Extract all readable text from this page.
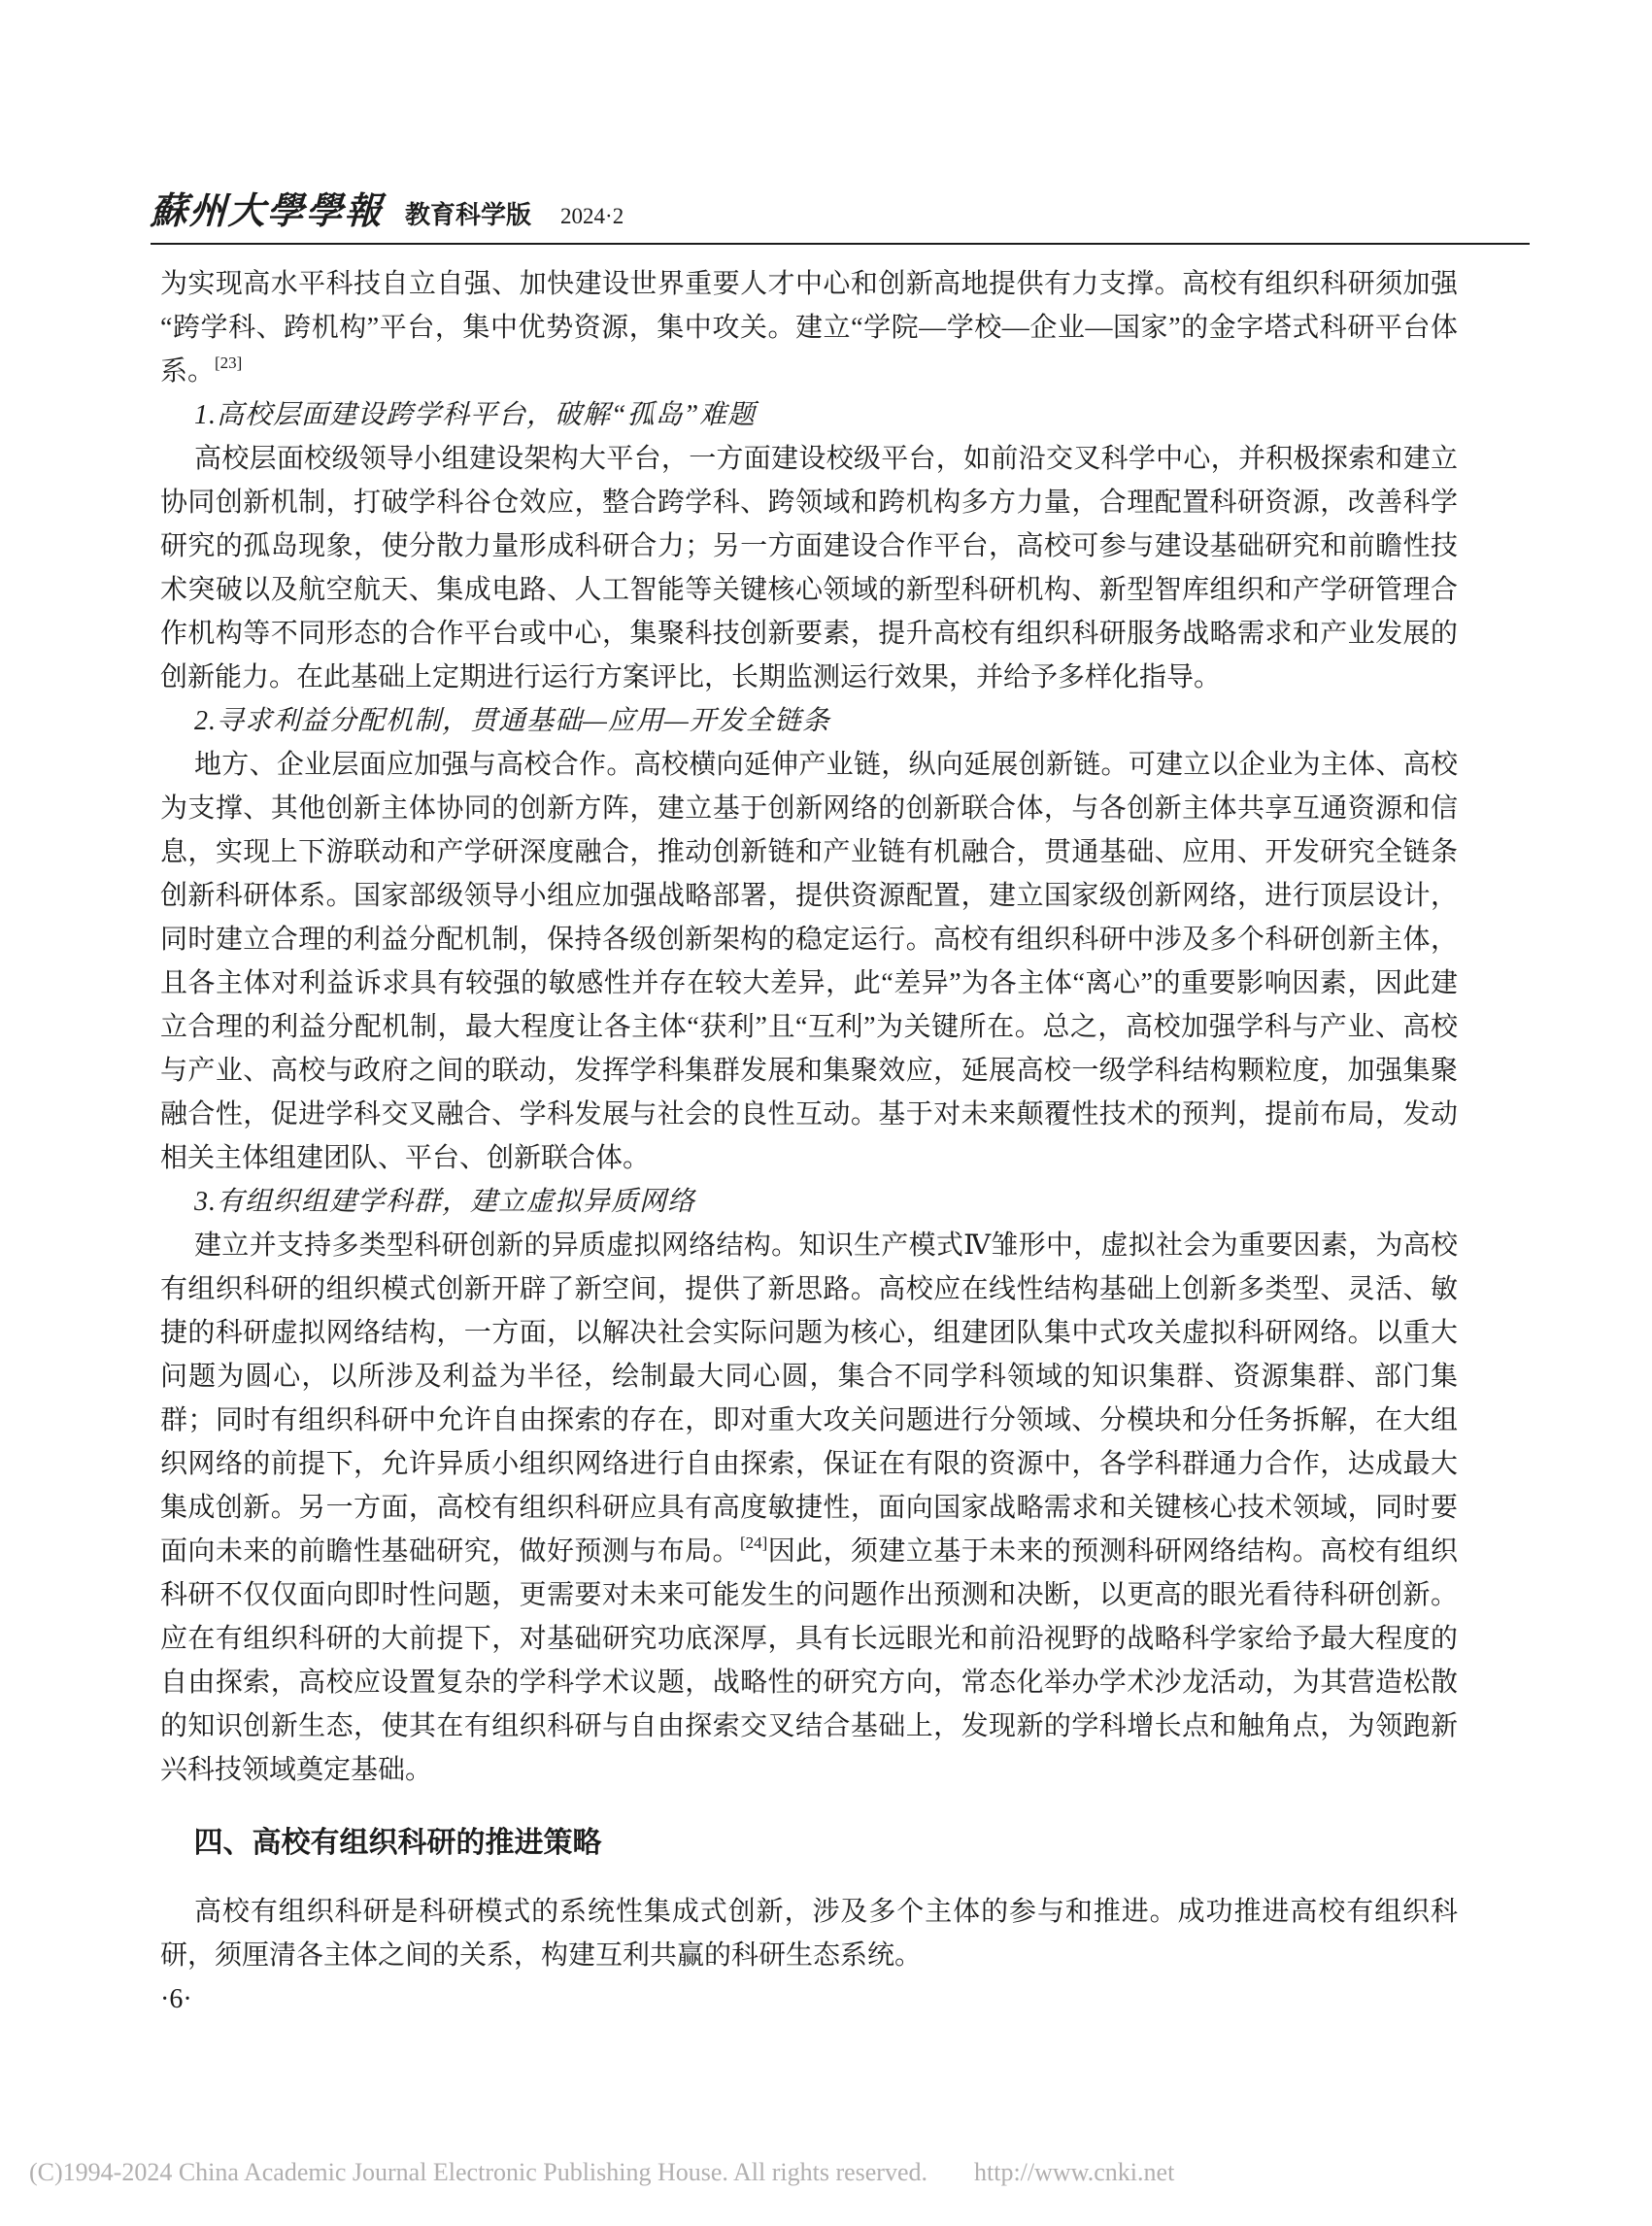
蘇州大學學報 教育科学版 2024·2

为实现高水平科技自立自强、加快建设世界重要人才中心和创新高地提供有力支撑。高校有组织科研须加强“跨学科、跨机构”平台，集中优势资源，集中攻关。建立“学院—学校—企业—国家”的金字塔式科研平台体系。[23]

1.高校层面建设跨学科平台，破解“孤岛”难题

高校层面校级领导小组建设架构大平台，一方面建设校级平台，如前沿交叉科学中心，并积极探索和建立协同创新机制，打破学科谷仓效应，整合跨学科、跨领域和跨机构多方力量，合理配置科研资源，改善科学研究的孤岛现象，使分散力量形成科研合力；另一方面建设合作平台，高校可参与建设基础研究和前瞻性技术突破以及航空航天、集成电路、人工智能等关键核心领域的新型科研机构、新型智库组织和产学研管理合作机构等不同形态的合作平台或中心，集聚科技创新要素，提升高校有组织科研服务战略需求和产业发展的创新能力。在此基础上定期进行运行方案评比，长期监测运行效果，并给予多样化指导。

2.寻求利益分配机制，贯通基础—应用—开发全链条

地方、企业层面应加强与高校合作。高校横向延伸产业链，纵向延展创新链。可建立以企业为主体、高校为支撑、其他创新主体协同的创新方阵，建立基于创新网络的创新联合体，与各创新主体共享互通资源和信息，实现上下游联动和产学研深度融合，推动创新链和产业链有机融合，贯通基础、应用、开发研究全链条创新科研体系。国家部级领导小组应加强战略部署，提供资源配置，建立国家级创新网络，进行顶层设计，同时建立合理的利益分配机制，保持各级创新架构的稳定运行。高校有组织科研中涉及多个科研创新主体，且各主体对利益诉求具有较强的敏感性并存在较大差异，此“差异”为各主体“离心”的重要影响因素，因此建立合理的利益分配机制，最大程度让各主体“获利”且“互利”为关键所在。总之，高校加强学科与产业、高校与产业、高校与政府之间的联动，发挥学科集群发展和集聚效应，延展高校一级学科结构颗粒度，加强集聚融合性，促进学科交叉融合、学科发展与社会的良性互动。基于对未来颠覆性技术的预判，提前布局，发动相关主体组建团队、平台、创新联合体。

3.有组织组建学科群，建立虚拟异质网络

建立并支持多类型科研创新的异质虚拟网络结构。知识生产模式Ⅳ雏形中，虚拟社会为重要因素，为高校有组织科研的组织模式创新开辟了新空间，提供了新思路。高校应在线性结构基础上创新多类型、灵活、敏捷的科研虚拟网络结构，一方面，以解决社会实际问题为核心，组建团队集中式攻关虚拟科研网络。以重大问题为圆心，以所涉及利益为半径，绘制最大同心圆，集合不同学科领域的知识集群、资源集群、部门集群；同时有组织科研中允许自由探索的存在，即对重大攻关问题进行分领域、分模块和分任务拆解，在大组织网络的前提下，允许异质小组织网络进行自由探索，保证在有限的资源中，各学科群通力合作，达成最大集成创新。另一方面，高校有组织科研应具有高度敏捷性，面向国家战略需求和关键核心技术领域，同时要面向未来的前瞻性基础研究，做好预测与布局。[24]因此，须建立基于未来的预测科研网络结构。高校有组织科研不仅仅面向即时性问题，更需要对未来可能发生的问题作出预测和决断，以更高的眼光看待科研创新。应在有组织科研的大前提下，对基础研究功底深厚，具有长远眼光和前沿视野的战略科学家给予最大程度的自由探索，高校应设置复杂的学科学术议题，战略性的研究方向，常态化举办学术沙龙活动，为其营造松散的知识创新生态，使其在有组织科研与自由探索交叉结合基础上，发现新的学科增长点和触角点，为领跑新兴科技领域奠定基础。

四、高校有组织科研的推进策略

高校有组织科研是科研模式的系统性集成式创新，涉及多个主体的参与和推进。成功推进高校有组织科研，须厘清各主体之间的关系，构建互利共赢的科研生态系统。

·6·

(C)1994-2024 China Academic Journal Electronic Publishing House. All rights reserved. http://www.cnki.net
